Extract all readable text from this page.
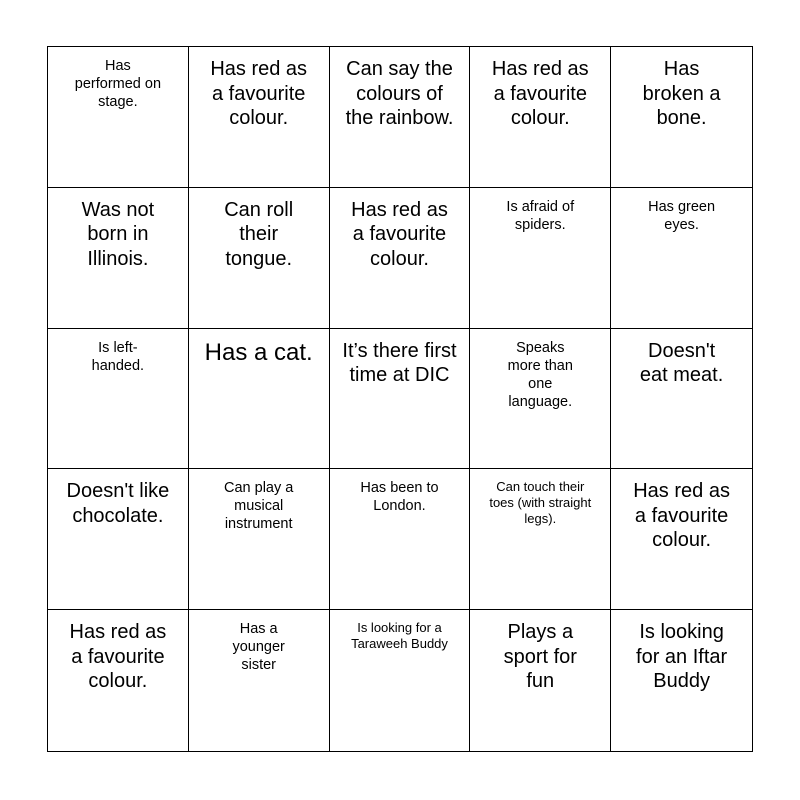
Has performed on stage.
Has red as a favourite colour.
Can say the colours of the rainbow.
Has red as a favourite colour.
Has broken a bone.
Was not born in Illinois.
Can roll their tongue.
Has red as a favourite colour.
Is afraid of spiders.
Has green eyes.
Is left-handed.	Has a cat. It’s there first time at DIC
Speaks more than one language.
Doesn't eat meat.
Doesn't like chocolate.
Can play a musical instrument
Has been to London.
Can touch their toes (with straight legs).
Has red as a favourite colour.
Has red as a favourite colour.
Has a younger sister
Is looking for a Taraweeh Buddy
Plays a sport for fun
Is looking for an Iftar Buddy
